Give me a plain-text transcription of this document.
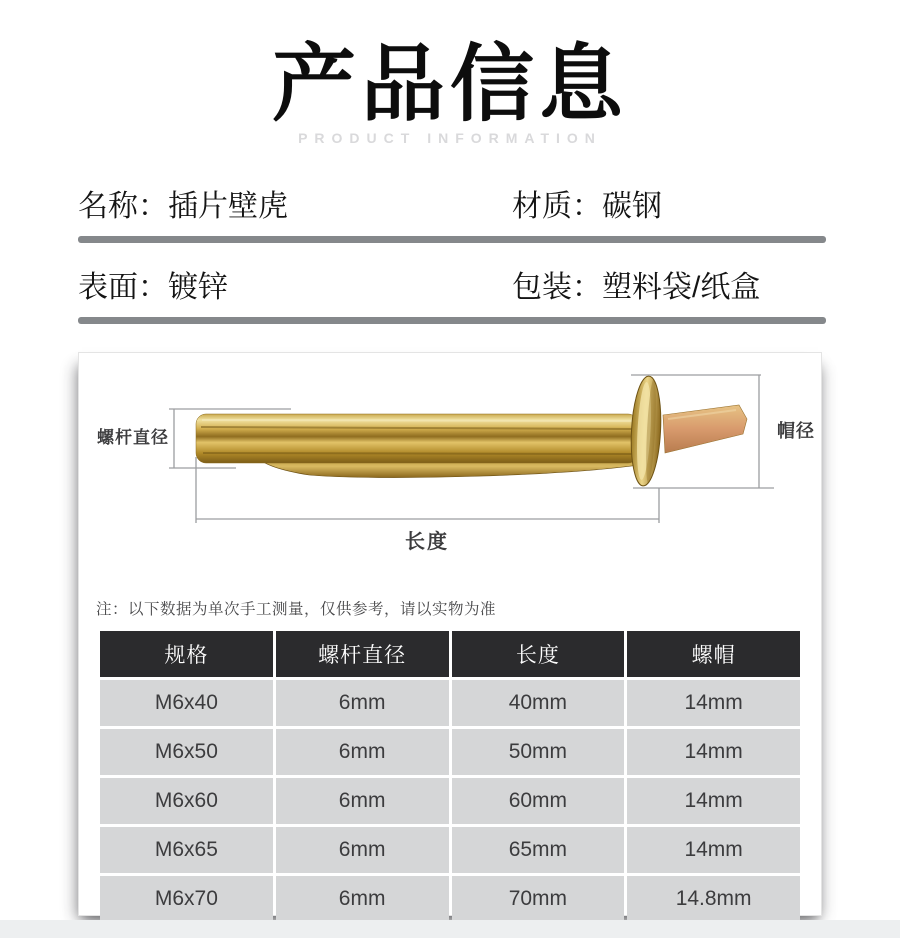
产品信息
PRODUCT INFORMATION
名称：插片壁虎	材质：碳钢
表面：镀锌	包装：塑料袋/纸盒
螺杆直径	帽径
长度
注：以下数据为单次手工测量，仅供参考，请以实物为准
规格	螺杆直径	长度	螺帽
M6x40	6mm	40mm	14mm
M6x50	6mm	50mm	14mm
M6x60	6mm	60mm	14mm
M6x65	6mm	65mm	14mm
M6x70	6mm	70mm	14.8mm
